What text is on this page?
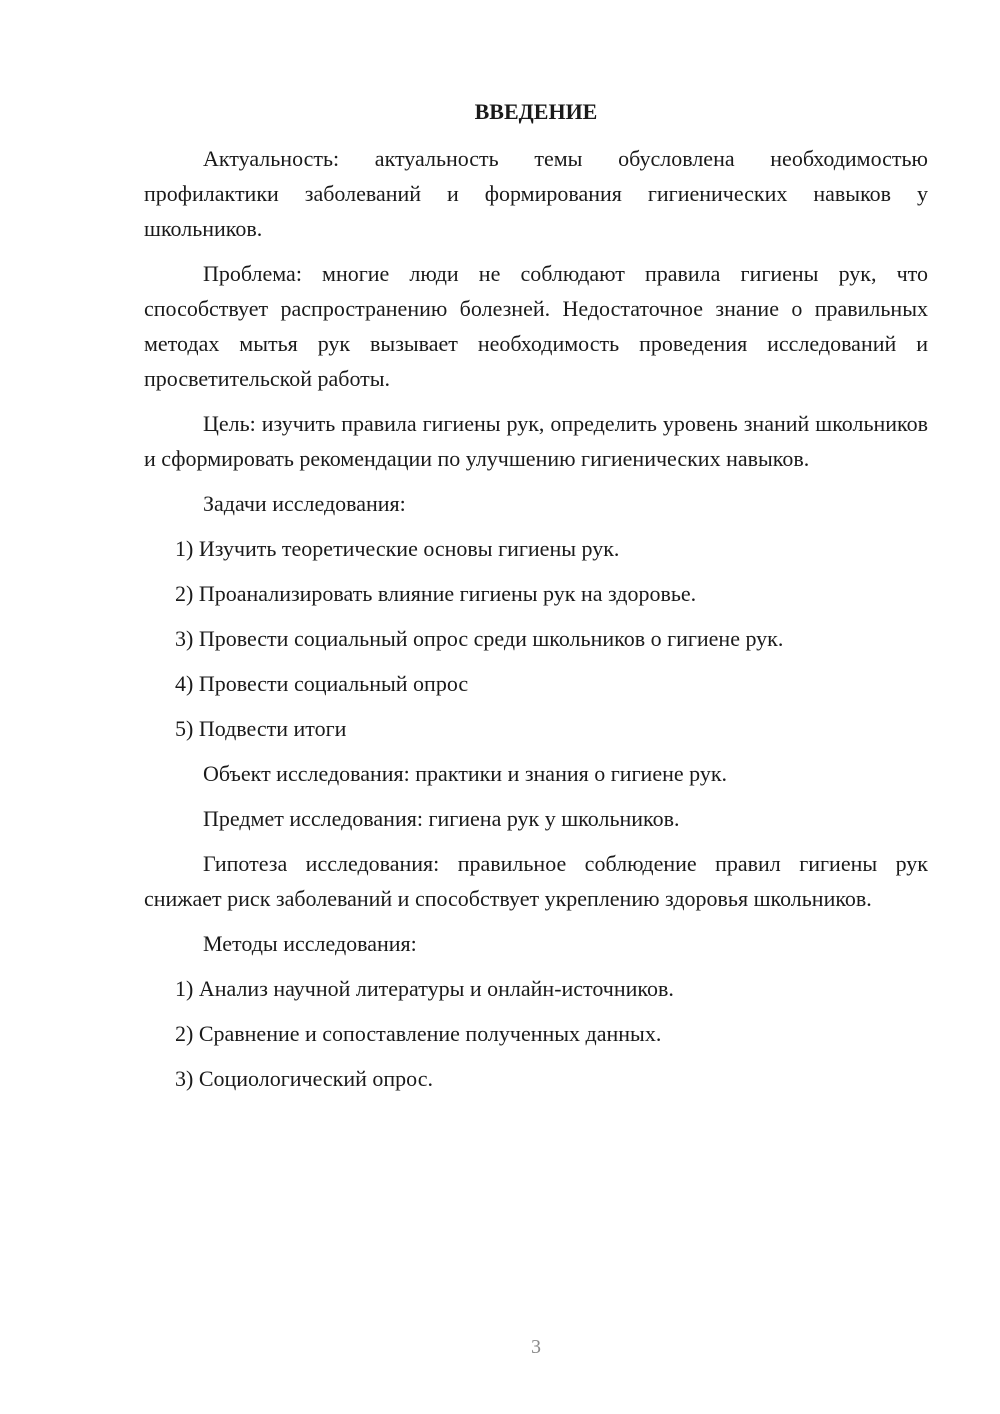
ВВЕДЕНИЕ

Актуальность: актуальность темы обусловлена необходимостью профилактики заболеваний и формирования гигиенических навыков у школьников.

Проблема: многие люди не соблюдают правила гигиены рук, что способствует распространению болезней. Недостаточное знание о правильных методах мытья рук вызывает необходимость проведения исследований и просветительской работы.

Цель: изучить правила гигиены рук, определить уровень знаний школьников и сформировать рекомендации по улучшению гигиенических навыков.

Задачи исследования:

1) Изучить теоретические основы гигиены рук.
2) Проанализировать влияние гигиены рук на здоровье.
3) Провести социальный опрос среди школьников о гигиене рук.
4) Провести социальный опрос
5) Подвести итоги

Объект исследования: практики и знания о гигиене рук.

Предмет исследования: гигиена рук у школьников.

Гипотеза исследования: правильное соблюдение правил гигиены рук снижает риск заболеваний и способствует укреплению здоровья школьников.

Методы исследования:

1) Анализ научной литературы и онлайн-источников.
2) Сравнение и сопоставление полученных данных.
3) Социологический опрос.
3
